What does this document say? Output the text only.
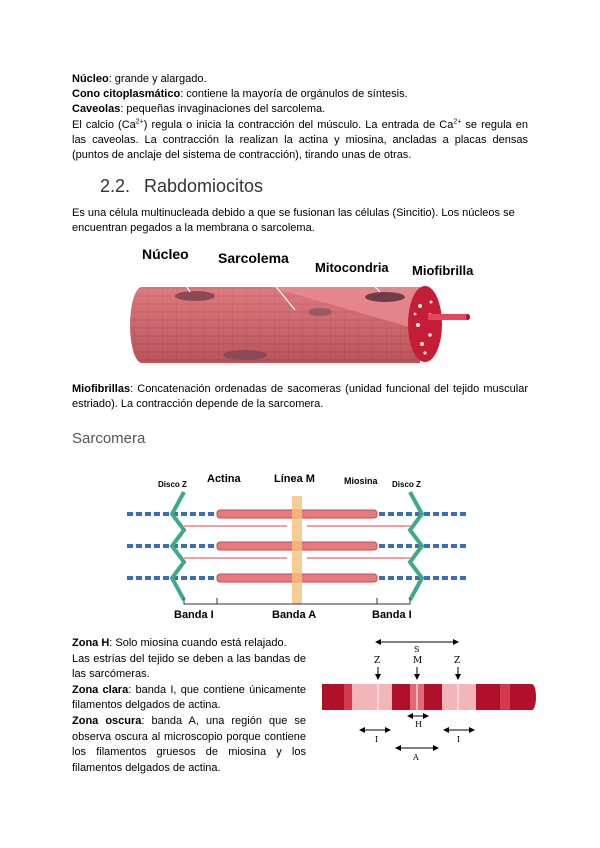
Núcleo: grande y alargado.
Cono citoplasmático: contiene la mayoría de orgánulos de síntesis.
Caveolas: pequeñas invaginaciones del sarcolema.
El calcio $(Ca^{2+})$ regula o inicia la contracción del músculo. La entrada de $Ca^{2+}$ se regula en las caveolas. La contracción la realizan la actina y miosina, ancladas a placas densas (puntos de anclaje del sistema de contracción), tirando unas de otras.
2.2. Rabdomiocitos
Es una célula multinucleada debido a que se fusionan las células (Sincitio). Los núcleos se encuentran pegados a la membrana o sarcolema.
Núcleo Sarcolema
Mitocondria Miofibrilla
Miofibrillas: Concatenación ordenadas de sacomeras (unidad funcional del tejido muscular estriado). La contracción depende de la sarcomera.
Sarcomera
Disco Z Actina	Línea M	Miosina Disco Z
Banda I	Banda A	Banda I
Zona H: Solo miosina cuando está relajado.
Las estrías del tejido se deben a las bandas de las sarcómeras.
Zona clara: banda I, que contiene únicamente filamentos delgados de actina.
Zona oscura: banda A, una región que se observa oscura al microscopio porque contiene los filamentos gruesos de miosina y los filamentos delgados de actina.
S
Z	M	Z
H
I	I
A
